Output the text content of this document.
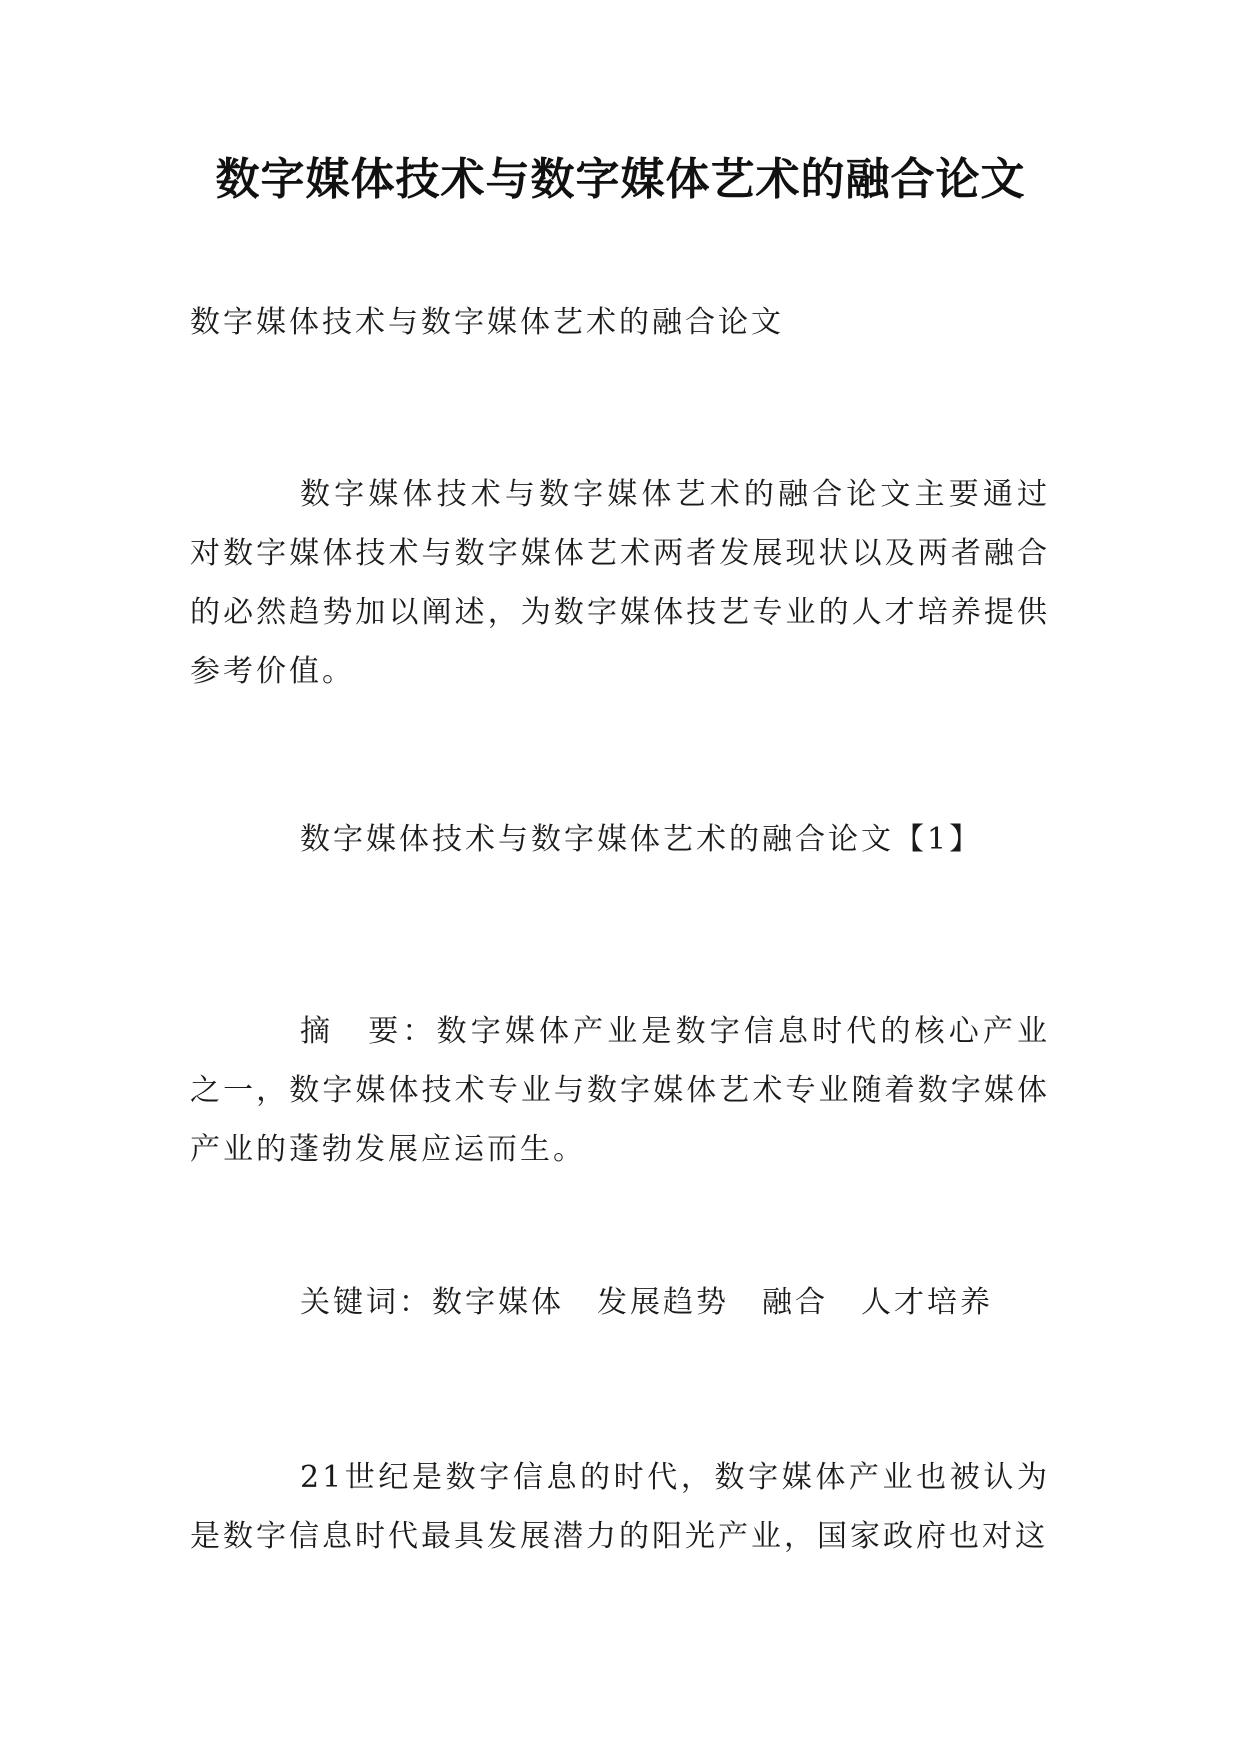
数字媒体技术与数字媒体艺术的融合论文

数字媒体技术与数字媒体艺术的融合论文

数字媒体技术与数字媒体艺术的融合论文主要通过对数字媒体技术与数字媒体艺术两者发展现状以及两者融合的必然趋势加以阐述，为数字媒体技艺专业的人才培养提供参考价值。

数字媒体技术与数字媒体艺术的融合论文【1】

摘　要：数字媒体产业是数字信息时代的核心产业之一，数字媒体技术专业与数字媒体艺术专业随着数字媒体产业的蓬勃发展应运而生。

关键词：数字媒体　发展趋势　融合　人才培养

21世纪是数字信息的时代，数字媒体产业也被认为是数字信息时代最具发展潜力的阳光产业，国家政府也对这
